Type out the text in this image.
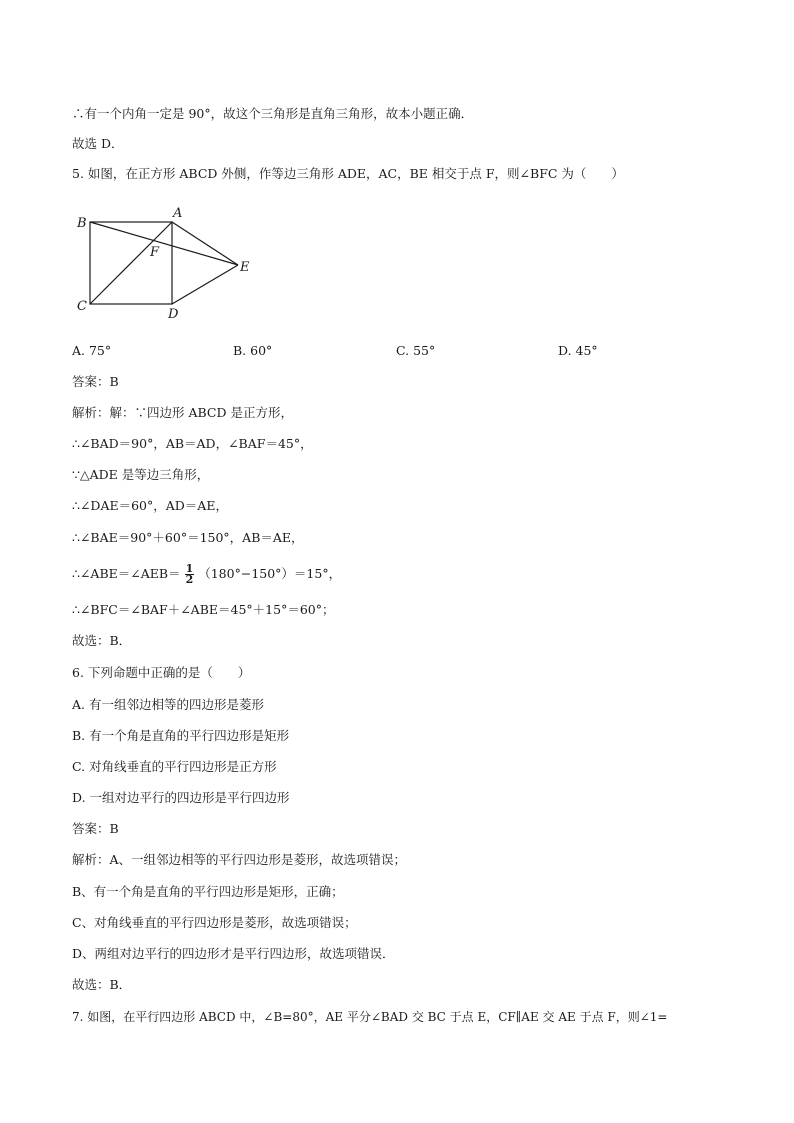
∴有一个内角一定是 90°，故这个三角形是直角三角形，故本小题正确．
故选 D．
5. 如图，在正方形 ABCD 外侧，作等边三角形 ADE，AC，BE 相交于点 F，则∠BFC 为（　　）
A
B
C
D
E
F
A. 75°	B. 60°	C. 55°	D. 45°
答案：B
解析：解：∵四边形 ABCD 是正方形，
∴∠BAD＝90°，AB＝AD，∠BAF＝45°，
∵△ADE 是等边三角形，
∴∠DAE＝60°，AD＝AE，
∴∠BAE＝90°＋60°＝150°，AB＝AE，
∴∠ABE＝∠AEB＝ $\frac{1}{2} (180^\circ-150^\circ)=15^\circ$，
∴∠BFC＝∠BAF＋∠ABE＝45°＋15°＝60°；
故选：B．
6. 下列命题中正确的是（　　）
A. 有一组邻边相等的四边形是菱形
B. 有一个角是直角的平行四边形是矩形
C. 对角线垂直的平行四边形是正方形
D. 一组对边平行的四边形是平行四边形
答案：B
解析：A、一组邻边相等的平行四边形是菱形，故选项错误；
B、有一个角是直角的平行四边形是矩形，正确；
C、对角线垂直的平行四边形是菱形，故选项错误；
D、两组对边平行的四边形才是平行四边形，故选项错误．
故选：B．
7. 如图，在平行四边形 ABCD 中，∠B=80°，AE 平分∠BAD 交 BC 于点 E，CF∥AE 交 AE 于点 F，则∠1=
